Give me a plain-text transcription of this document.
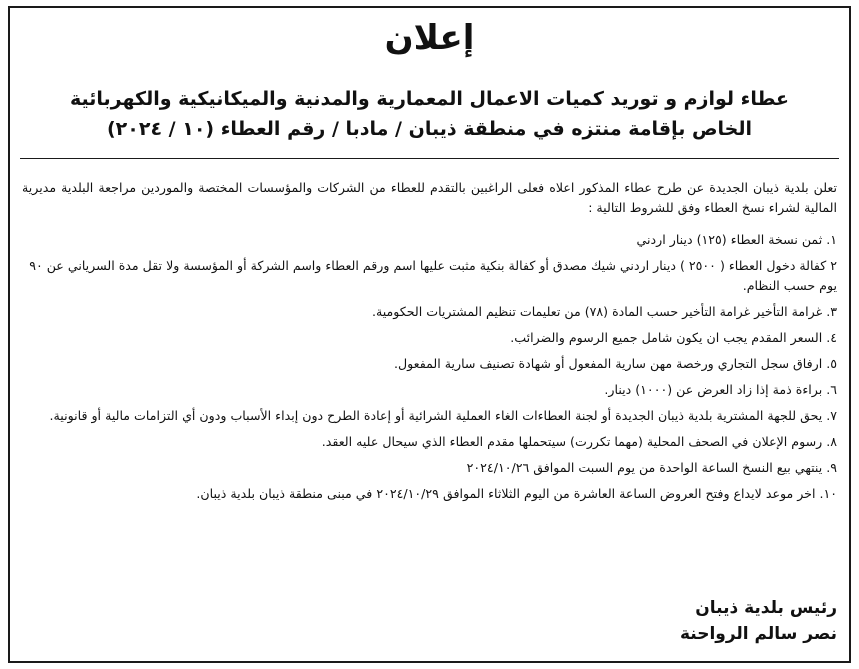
إعلان
عطاء لوازم و توريد كميات الاعمال المعمارية والمدنية والميكانيكية والكهربائية
الخاص بإقامة منتزه في منطقة ذيبان / مادبا / رقم العطاء (١٠ / ٢٠٢٤)

تعلن بلدية ذيبان الجديدة عن طرح عطاء المذكور اعلاه فعلى الراغبين بالتقدم للعطاء من الشركات والمؤسسات المختصة والموردين مراجعة البلدية مديرية المالية لشراء نسخ العطاء وفق للشروط التالية :

١. ثمن نسخة العطاء (١٢٥) دينار اردني
٢ كفالة دخول العطاء ( ٢٥٠٠ ) دينار اردني شيك مصدق أو كفالة بنكية مثبت عليها اسم ورقم العطاء واسم الشركة أو المؤسسة ولا تقل مدة السرياني عن ٩٠ يوم حسب النظام.
٣. غرامة التأخير غرامة التأخير حسب المادة (٧٨) من تعليمات تنظيم المشتريات الحكومية.
٤. السعر المقدم يجب ان يكون شامل جميع الرسوم والضرائب.
٥. ارفاق سجل التجاري ورخصة مهن سارية المفعول أو شهادة تصنيف سارية المفعول.
٦. براءة ذمة إذا زاد العرض عن (١٠٠٠) دينار.
٧. يحق للجهة المشترية بلدية ذيبان الجديدة أو لجنة العطاءات الغاء العملية الشرائية أو إعادة الطرح دون إبداء الأسباب ودون أي التزامات مالية أو قانونية.
٨. رسوم الإعلان في الصحف المحلية (مهما تكررت) سيتحملها مقدم العطاء الذي سيحال عليه العقد.
٩. ينتهي بيع النسخ الساعة الواحدة من يوم السبت الموافق ٢٠٢٤/١٠/٢٦
١٠. اخر موعد لايداع وفتح العروض الساعة العاشرة من اليوم الثلاثاء الموافق ٢٠٢٤/١٠/٢٩ في مبنى منطقة ذيبان بلدية ذيبان.
رئيس بلدية ذيبان
نصر سالم الرواحنة
